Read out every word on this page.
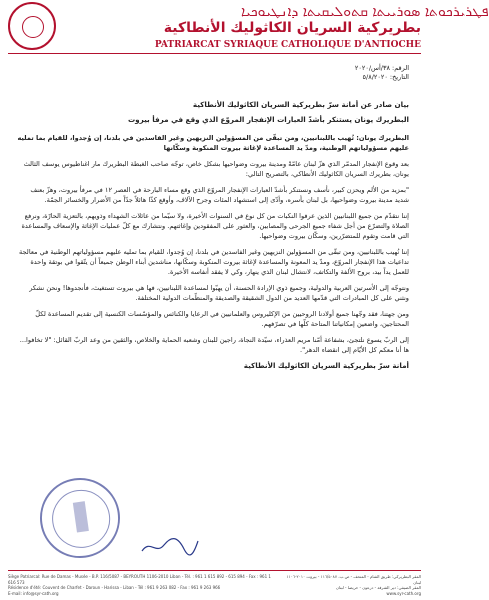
ܦܛܪܝܪܟܘܬܐ ܣܘܪܝܝܬܐ ܩܬܘܠܝܩܝܬܐ ܕܐܢܛܝܘܟܝܐ
بطريركية السريان الكاثوليك الأنطاكية
PATRIARCAT SYRIAQUE CATHOLIQUE D'ANTIOCHE
الرقم: ٣٨/أس/٢٠٢٠
التاريخ: ٥/٨/٢٠٢٠

بيان صادر عن أمانة سرّ بطريركية السريان الكاثوليك الأنطاكية

البطريرك يونان يستنكر بأشدّ العبارات الإنفجار المروّع الذي وقع في مرفأ بيروت

البطريرك يونان: تُهيب باللبنانيين، ومن تبقّى من المسؤولين النزيهين وغير الفاسدين في بلدنا، إن وُجدوا، للقيام بما تمليه عليهم مسؤولياتهم الوطنية، ومدّ يد المساعدة لإغاثة بيروت المنكوبة وسكّانها

بعد وقوع الإنفجار المدمّر الذي هزّ لبنان عامّةً ومدينة بيروت وضواحيها بشكل خاص، توجّه صاحب الغبطة البطريرك مار اغناطيوس يوسف الثالث يونان، بطريرك السريان الكاثوليك الأنطاكي، بالتصريح التالي:

"بمزيد من الألم ويحزن كبير، نأسف ونستنكر بأشدّ العبارات الإنفجار المروّع الذي وقع مساء البارحة في العصر ١٢ في مرفأ بيروت، وهزّ بعنف شديد مدينة بيروت وضواحيها، بل لبنان بأسره، وأدّى إلى استشهاد المئات وجرح الآلاف، وأوقع كذّا هائلاً جدّاً من الأضرار والخسائر الجمّة.

إننا نتقدّم من جميع اللبنانيين الذين عرفوا النكبات من كل نوع في السنوات الأخيرة، ولا سيّما من عائلات الشهداء وذويهم، بالتعزية الحارّة، ونرفع الصلاة والتضرّع من أجل شفاء جميع الجرحى والمصابين، والعثور على المفقودين وإغاثتهم. ونتشارك مع كلّ عمليات الإغاثة والإسعاف والمساعدة التي قامت وتقوم للمتضرّرين، وسكّان بيروت وضواحيها.

إننا نُهيب باللبنانيين، ومن تبقّى من المسؤولين النزيهين وغير الفاسدين في بلدنا، إن وُجدوا، للقيام بما تمليه عليهم مسؤولياتهم الوطنية في معالجة تداعيات هذا الإنفجار المروّع، ومدّ يد المعونة والمساعدة لإغاثة بيروت المنكوبة وسكّانها، مناشدين أبناء الوطن جميعاً أن يتّقوا في بوتقة واحدة للعمل يداً بيد، بروح الألفة والتكاتف، لانتشال لبنان الذي ينهار، وكي لا يفقد أنفاسه الأخيرة.

ونتوجّه إلى الأسرتين العربية والدولية، وجميع ذوي الإرادة الحسنة، أن يهبّوا لمساعدة اللبنانيين، فها هي بيروت تستغيث، فأنجدوها! ونحن نشكر ونثني على كل المبادرات التي قدّمها العديد من الدول الشقيقة والصديقة والمنظّمات الدولية المختلفة.

ومن جهتنا، فقد وجّهنا جميع أولادنا الروحيين من الإكليروس والعلمانيين في الرعايا والكنائس والمؤسّسات الكنسية إلى تقديم المساعدة لكلّ المحتاجين، واضعين إمكانياتنا المتاحة كلّها في تصرّفهم.

إلى الربّ يسوع نلتجئ، بشفاعة أمّنا مريم العذراء، سيّدة النجاة، راجين للبنان وشعبه الحماية والخلاص، والثقين من وعد الربّ القائل: "لا تخافوا... ها أنا معكم كل الأيّام إلى انقضاء الدهر".

أمانة سرّ بطريركية السريان الكاثوليك الأنطاكية

Siège Patriarcal: Rue de Damas - Musée - B.P. 116/5087 - BEYROUTH 1106-2010 Liban - Tél. : 961 1 615 892 - 615 894 - Fax : 961 1 616 573
Résidence d'été: Couvent de Charfet - Daroun - Harissa - Liban - Tél : 961 9 263 082 - Fax : 961 9 263 966
E-mail: info@syr-cath.org
المقر البطريركي: طريق الشام - المتحف - ص.ب. ١١٦/٥٠٨٧ - بيروت ٢٠١٠-١١٠٦ لبنان
المقر الصيفي: دير الشرفة - درعون - حريصا - لبنان
www.syr-cath.org
